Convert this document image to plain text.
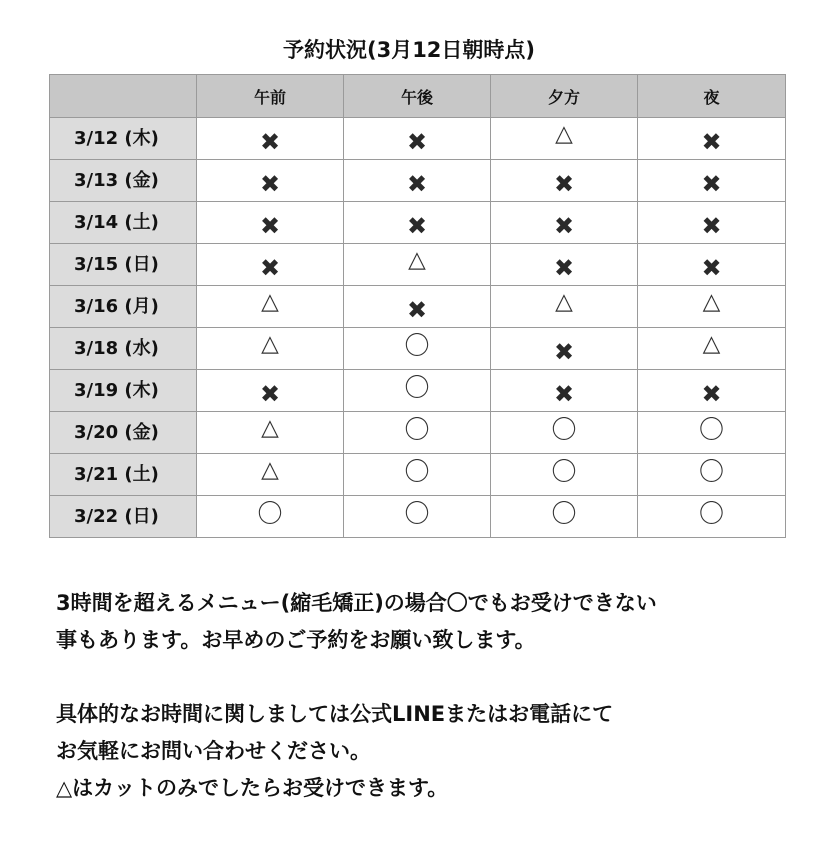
予約状況(3月12日朝時点)
	午前	午後	夕方	夜
3/12 (木)	✖	✖	△	✖
3/13 (金)	✖	✖	✖	✖
3/14 (土)	✖	✖	✖	✖
3/15 (日)	✖	△	✖	✖
3/16 (月)	△	✖	△	△
3/18 (水)	△	〇	✖	△
3/19 (木)	✖	〇	✖	✖
3/20 (金)	△	〇	〇	〇
3/21 (土)	△	〇	〇	〇
3/22 (日)	〇	〇	〇	〇

3時間を超えるメニュー(縮毛矯正)の場合〇でもお受けできない

事もあります。お早めのご予約をお願い致します。

具体的なお時間に関しましては公式LINEまたはお電話にて

お気軽にお問い合わせください。

△はカットのみでしたらお受けできます。
